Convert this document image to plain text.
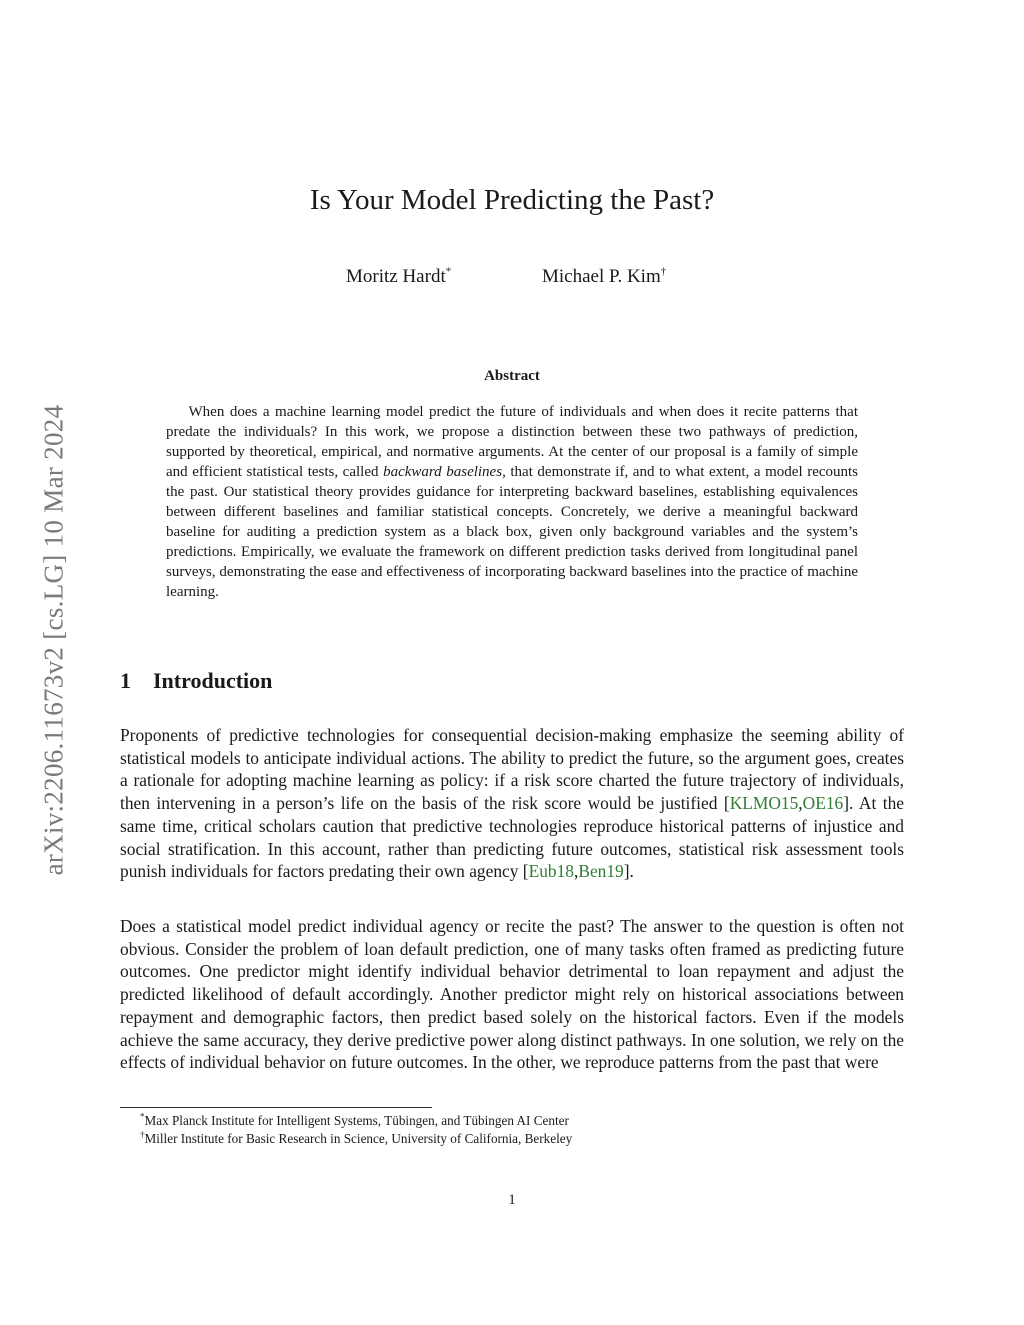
arXiv:2206.11673v2 [cs.LG] 10 Mar 2024
Is Your Model Predicting the Past?
Moritz Hardt*	Michael P. Kim†
Abstract
  When does a machine learning model predict the future of individuals and when does it recite patterns that predate the individuals? In this work, we propose a distinction between these two pathways of prediction, supported by theoretical, empirical, and normative arguments. At the center of our proposal is a family of simple and efficient statistical tests, called backward baselines, that demonstrate if, and to what extent, a model recounts the past. Our statistical theory provides guidance for interpreting backward baselines, establishing equivalences between different baselines and familiar statistical concepts. Concretely, we derive a meaningful backward baseline for auditing a prediction system as a black box, given only background variables and the system’s predictions. Empirically, we evaluate the framework on different prediction tasks derived from longitudinal panel surveys, demonstrating the ease and effectiveness of incorporating backward baselines into the practice of machine learning.
1 Introduction
Proponents of predictive technologies for consequential decision-making emphasize the seeming ability of statistical models to anticipate individual actions. The ability to predict the future, so the argument goes, creates a rationale for adopting machine learning as policy: if a risk score charted the future trajectory of individuals, then intervening in a person’s life on the basis of the risk score would be justified [KLMO15,OE16]. At the same time, critical scholars caution that predictive technologies reproduce historical patterns of injustice and social stratification. In this account, rather than predicting future outcomes, statistical risk assessment tools punish individuals for factors predating their own agency [Eub18,Ben19].
Does a statistical model predict individual agency or recite the past? The answer to the question is often not obvious. Consider the problem of loan default prediction, one of many tasks often framed as predicting future outcomes. One predictor might identify individual behavior detrimental to loan repayment and adjust the predicted likelihood of default accordingly. Another predictor might rely on historical associations between repayment and demographic factors, then predict based solely on the historical factors. Even if the models achieve the same accuracy, they derive predictive power along distinct pathways. In one solution, we rely on the effects of individual behavior on future outcomes. In the other, we reproduce patterns from the past that were
*Max Planck Institute for Intelligent Systems, Tübingen, and Tübingen AI Center
†Miller Institute for Basic Research in Science, University of California, Berkeley
1
